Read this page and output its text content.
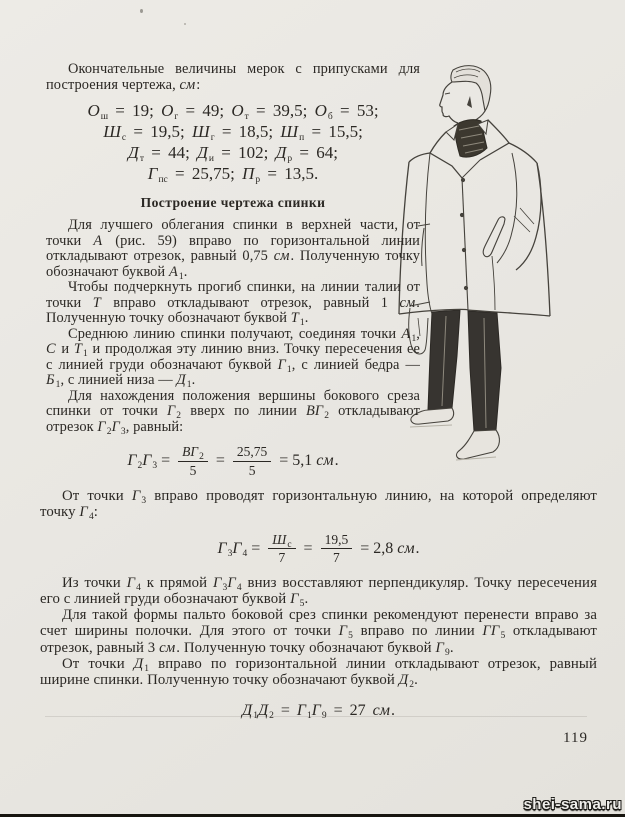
Окончательные величины мерок с припусками для построения чертежа, см:

$О_ш = 19$; $О_г = 49$; $О_т = 39,5$; $О_б = 53$;
$Ш_с = 19,5$; $Ш_г = 18,5$; $Ш_п = 15,5$;
$Д_т = 44$; $Д_и = 102$; $Д_р = 64$;
$Г_{пс} = 25,75$; $П_р = 13,5$.
Построение чертежа спинки

Для лучшего облегания спинки в верхней части, от точки А (рис. 59) вправо по горизонтальной линии откладывают отрезок, равный 0,75 см. Полученную точку обозначают буквой $А_1$.

Чтобы подчеркнуть прогиб спинки, на линии талии от точки Т вправо откладывают отрезок, равный 1 см. Полученную точку обозначают буквой $Т_1$.

Среднюю линию спинки получают, соединяя точки $А_1$, С и $Т_1$ и продолжая эту линию вниз. Точку пересечения ее с линией груди обозначают буквой $Г_1$, с линией бедра — $Б_1$, с линией низа — $Д_1$.

Для нахождения положения вершины бокового среза спинки от точки $Г_2$ вверх по линии $ВГ_2$ откладывают отрезок $Г_2Г_3$, равный:

$Г_2Г_3 = \frac{ВГ_2}{5} = \frac{25,75}{5} = 5,1$ см.

От точки $Г_3$ вправо проводят горизонтальную линию, на которой определяют точку $Г_4$:

$Г_3Г_4 = \frac{Ш_с}{7} = \frac{19,5}{7} = 2,8$ см.

Из точки $Г_4$ к прямой $Г_3Г_4$ вниз восставляют перпендикуляр. Точку пересечения его с линией груди обозначают буквой $Г_5$.

Для такой формы пальто боковой срез спинки рекомендуют перенести вправо за счет ширины полочки. Для этого от точки $Г_5$ вправо по линии $ГГ_5$ откладывают отрезок, равный 3 см. Полученную точку обозначают буквой $Г_9$.

От точки $Д_1$ вправо по горизонтальной линии откладывают отрезок, равный ширине спинки. Полученную точку обозначают буквой $Д_2$.

$Д_1Д_2 = Г_1Г_9 = 27$ см.
119
shei-sama.ru
